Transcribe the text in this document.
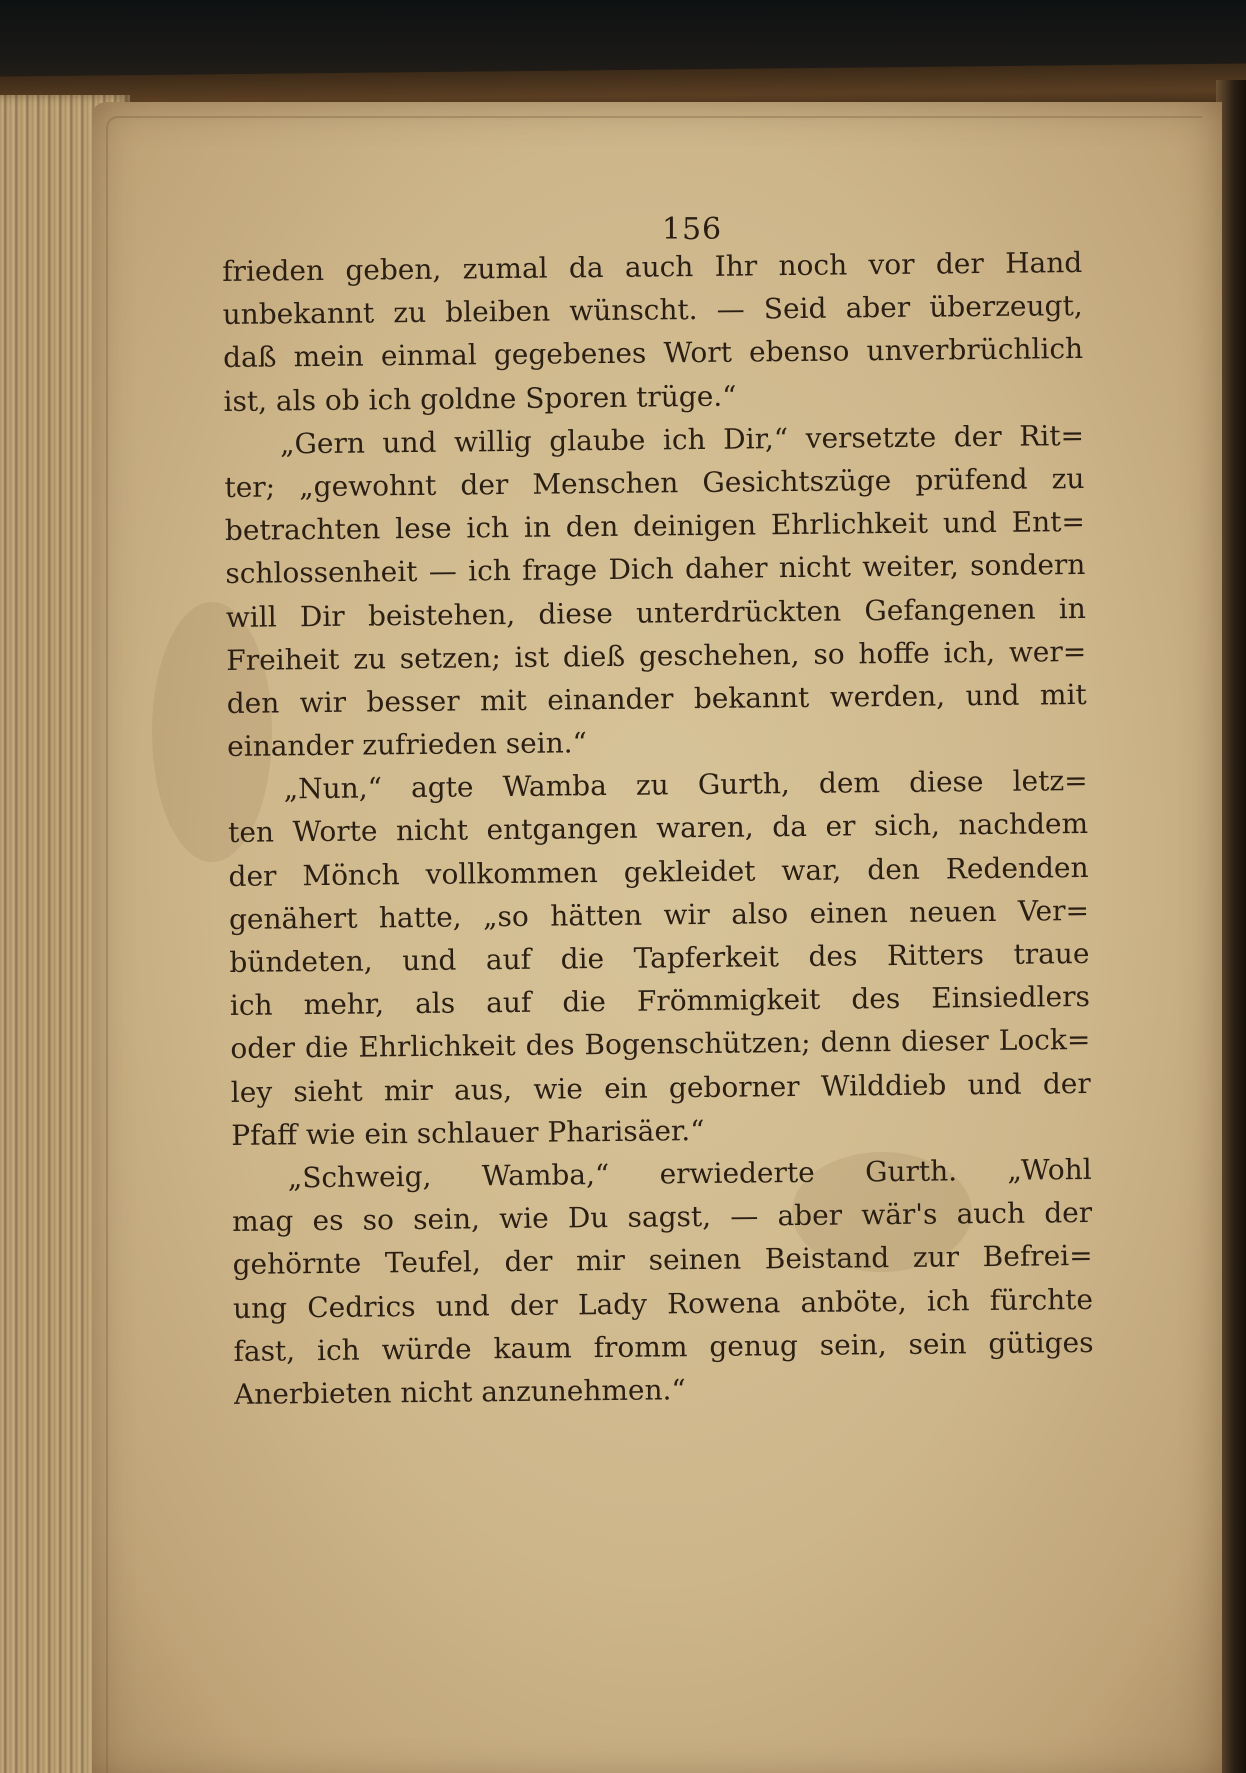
156
frieden geben, zumal da auch Ihr noch vor der Hand
unbekannt zu bleiben wünscht. — Seid aber überzeugt,
daß mein einmal gegebenes Wort ebenso unverbrüchlich
ist, als ob ich goldne Sporen trüge.“
„Gern und willig glaube ich Dir,“ versetzte der Rit=
ter; „gewohnt der Menschen Gesichtszüge prüfend zu
betrachten lese ich in den deinigen Ehrlichkeit und Ent=
schlossenheit — ich frage Dich daher nicht weiter, sondern
will Dir beistehen, diese unterdrückten Gefangenen in
Freiheit zu setzen; ist dieß geschehen, so hoffe ich, wer=
den wir besser mit einander bekannt werden, und mit
einander zufrieden sein.“
„Nun,“ agte Wamba zu Gurth, dem diese letz=
ten Worte nicht entgangen waren, da er sich, nachdem
der Mönch vollkommen gekleidet war, den Redenden
genähert hatte, „so hätten wir also einen neuen Ver=
bündeten, und auf die Tapferkeit des Ritters traue
ich mehr, als auf die Frömmigkeit des Einsiedlers
oder die Ehrlichkeit des Bogenschützen; denn dieser Lock=
ley sieht mir aus, wie ein geborner Wilddieb und der
Pfaff wie ein schlauer Pharisäer.“
„Schweig, Wamba,“ erwiederte Gurth. „Wohl
mag es so sein, wie Du sagst, — aber wär's auch der
gehörnte Teufel, der mir seinen Beistand zur Befrei=
ung Cedrics und der Lady Rowena anböte, ich fürchte
fast, ich würde kaum fromm genug sein, sein gütiges
Anerbieten nicht anzunehmen.“
